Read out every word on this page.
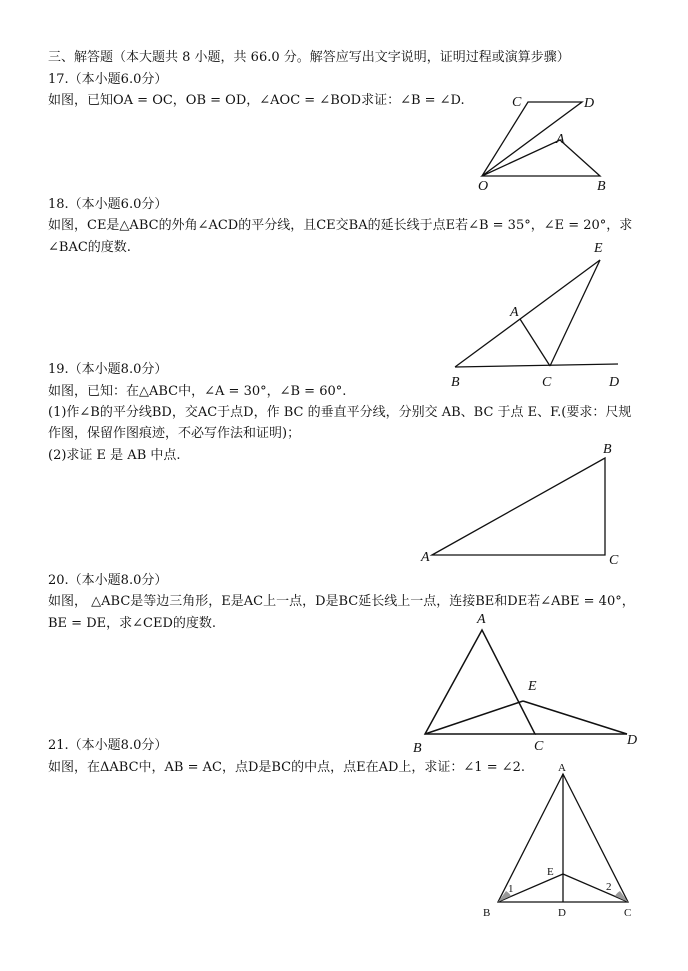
三、解答题（本大题共 8 小题，共 66.0 分。解答应写出文字说明，证明过程或演算步骤）
17.（本小题6.0分）
如图，已知OA = OC，OB = OD，∠AOC = ∠BOD求证：∠B = ∠D.	C	D
A
O	B
18.（本小题6.0分）
如图，CE是△ABC的外角∠ACD的平分线，且CE交BA的延长线于点E若∠B = 35°，∠E = 20°，求
∠BAC的度数.	E
A
B	C	D
19.（本小题8.0分）
如图，已知：在△ABC中，∠A = 30°，∠B = 60°.
(1)作∠B的平分线BD，交AC于点D，作 BC 的垂直平分线，分别交 AB、BC 于点 E、F.(要求：尺规
作图，保留作图痕迹，不必写作法和证明)；
(2)求证 E 是 AB 中点.	B
A	C
20.（本小题8.0分）
如图， △ABC是等边三角形，E是AC上一点，D是BC延长线上一点，连接BE和DE若∠ABE = 40°，
BE = DE，求∠CED的度数.	A
E
B	C	D
21.（本小题8.0分）
如图，在ΔABC中，AB = AC，点D是BC的中点，点E在AD上，求证：∠1 = ∠2.	A
E
1	2
B	D	C
